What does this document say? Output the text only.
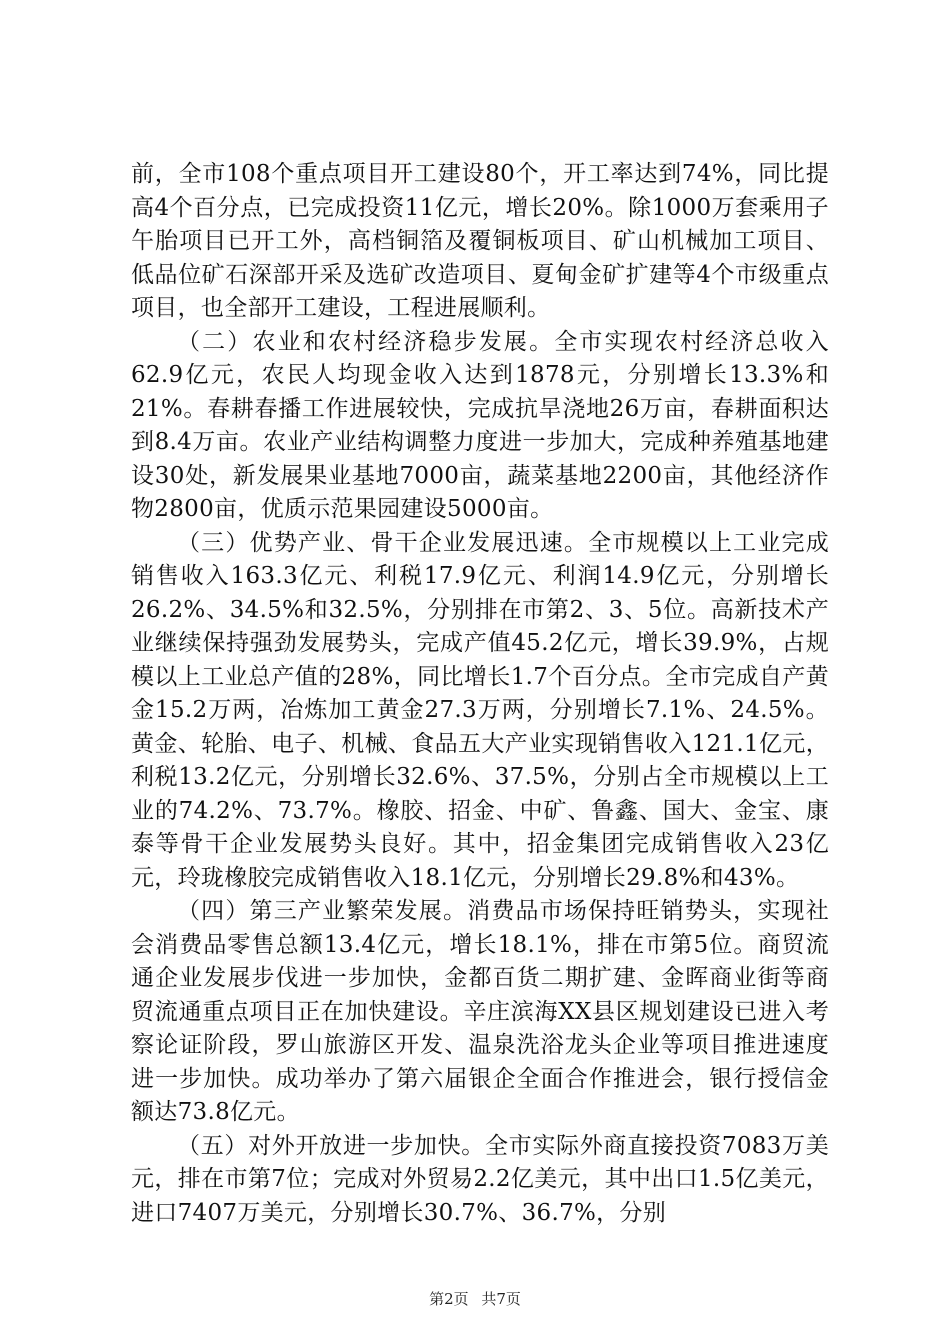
前，全市108个重点项目开工建设80个，开工率达到74%，同比提高4个百分点，已完成投资11亿元，增长20%。除1000万套乘用子午胎项目已开工外，高档铜箔及覆铜板项目、矿山机械加工项目、低品位矿石深部开采及选矿改造项目、夏甸金矿扩建等4个市级重点项目，也全部开工建设，工程进展顺利。

（二）农业和农村经济稳步发展。全市实现农村经济总收入62.9亿元，农民人均现金收入达到1878元，分别增长13.3%和21%。春耕春播工作进展较快，完成抗旱浇地26万亩，春耕面积达到8.4万亩。农业产业结构调整力度进一步加大，完成种养殖基地建设30处，新发展果业基地7000亩，蔬菜基地2200亩，其他经济作物2800亩，优质示范果园建设5000亩。

（三）优势产业、骨干企业发展迅速。全市规模以上工业完成销售收入163.3亿元、利税17.9亿元、利润14.9亿元，分别增长26.2%、34.5%和32.5%，分别排在市第2、3、5位。高新技术产业继续保持强劲发展势头，完成产值45.2亿元，增长39.9%，占规模以上工业总产值的28%，同比增长1.7个百分点。全市完成自产黄金15.2万两，冶炼加工黄金27.3万两，分别增长7.1%、24.5%。黄金、轮胎、电子、机械、食品五大产业实现销售收入121.1亿元，利税13.2亿元，分别增长32.6%、37.5%，分别占全市规模以上工业的74.2%、73.7%。橡胶、招金、中矿、鲁鑫、国大、金宝、康泰等骨干企业发展势头良好。其中，招金集团完成销售收入23亿元，玲珑橡胶完成销售收入18.1亿元，分别增长29.8%和43%。

（四）第三产业繁荣发展。消费品市场保持旺销势头，实现社会消费品零售总额13.4亿元，增长18.1%，排在市第5位。商贸流通企业发展步伐进一步加快，金都百货二期扩建、金晖商业街等商贸流通重点项目正在加快建设。辛庄滨海XX县区规划建设已进入考察论证阶段，罗山旅游区开发、温泉洗浴龙头企业等项目推进速度进一步加快。成功举办了第六届银企全面合作推进会，银行授信金额达73.8亿元。

（五）对外开放进一步加快。全市实际外商直接投资7083万美元，排在市第7位；完成对外贸易2.2亿美元，其中出口1.5亿美元，进口7407万美元，分别增长30.7%、36.7%，分别

第2页 共7页
